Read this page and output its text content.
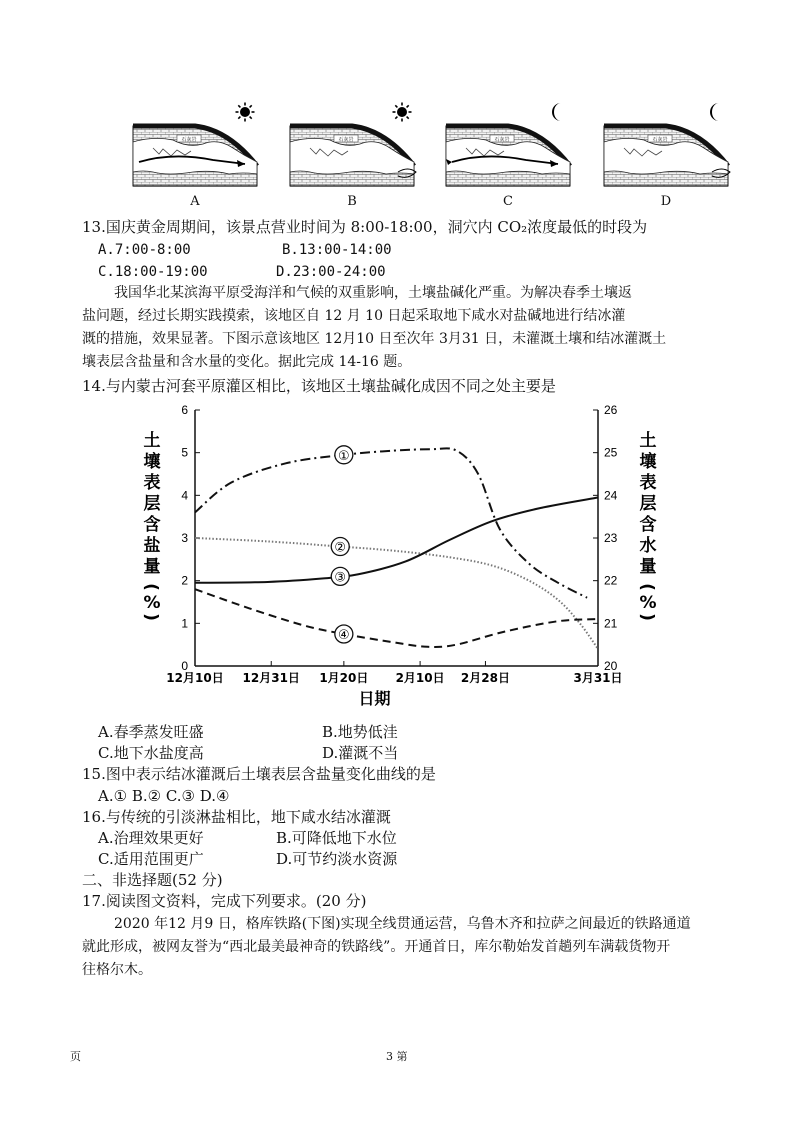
石灰岩	石灰岩	石灰岩	石灰岩
A	B	C	D
13.国庆黄金周期间，该景点营业时间为 8:00-18:00，洞穴内 CO₂浓度最低的时段为
A.7:00-8:00	B.13:00-14:00
C.18:00-19:00	D.23:00-24:00
我国华北某滨海平原受海洋和气候的双重影响，土壤盐碱化严重。为解决春季土壤返
盐问题，经过长期实践摸索，该地区自 12 月 10 日起采取地下咸水对盐碱地进行结冰灌
溉的措施，效果显著。下图示意该地区 12月10 日至次年 3月31 日，未灌溉土壤和结冰灌溉土
壤表层含盐量和含水量的变化。据此完成 14-16 题。
14.与内蒙古河套平原灌区相比，该地区土壤盐碱化成因不同之处主要是
0
1
2
3
4
5
6
20
21
22
23
24
25
26
12月10日 12月31日 1月20日 2月10日 2月28日	3月31日
日期
土
壤
表
层
含
盐
量
(
%
)
土
壤
表
层
含
水
量
(
%
)
①
②
③
④
A.春季蒸发旺盛	B.地势低洼
C.地下水盐度高	D.灌溉不当
15.图中表示结冰灌溉后土壤表层含盐量变化曲线的是
A.① B.② C.③ D.④
16.与传统的引淡淋盐相比，地下咸水结冰灌溉
A.治理效果更好	B.可降低地下水位
C.适用范围更广	D.可节约淡水资源
二、非选择题(52 分)
17.阅读图文资料，完成下列要求。(20 分)
2020 年12 月9 日，格库铁路(下图)实现全线贯通运营，乌鲁木齐和拉萨之间最近的铁路通道
就此形成，被网友誉为“西北最美最神奇的铁路线”。开通首日，库尔勒始发首趟列车满载货物开
往格尔木。
页	3 第
